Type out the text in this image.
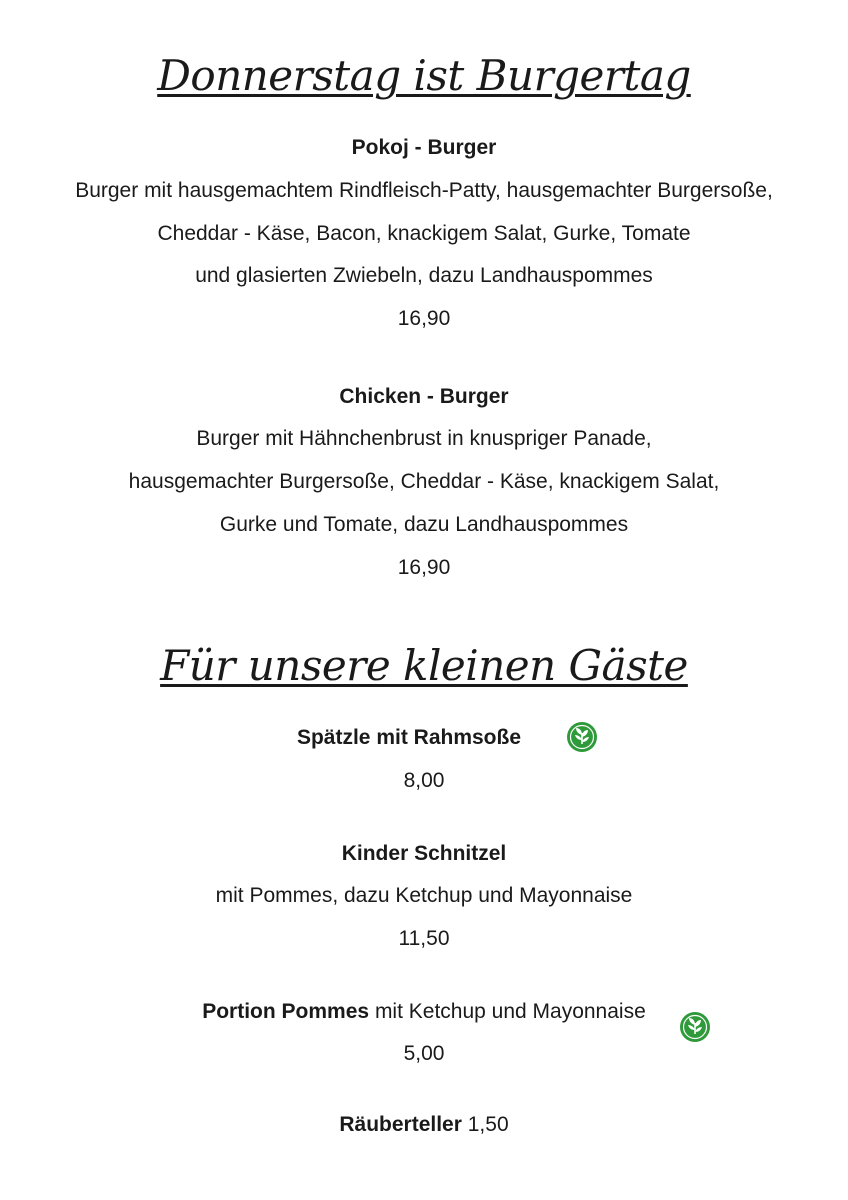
Donnerstag ist Burgertag
Pokoj - Burger
Burger mit hausgemachtem Rindfleisch-Patty, hausgemachter Burgersoße,
Cheddar - Käse, Bacon, knackigem Salat, Gurke, Tomate
und glasierten Zwiebeln, dazu Landhauspommes
16,90
Chicken - Burger
Burger mit Hähnchenbrust in knuspriger Panade,
hausgemachter Burgersoße, Cheddar - Käse, knackigem Salat,
Gurke und Tomate, dazu Landhauspommes
16,90
Für unsere kleinen Gäste
Spätzle mit Rahmsoße
8,00
Kinder Schnitzel
mit Pommes, dazu Ketchup und Mayonnaise
11,50
Portion Pommes mit Ketchup und Mayonnaise
5,00
Räuberteller 1,50
